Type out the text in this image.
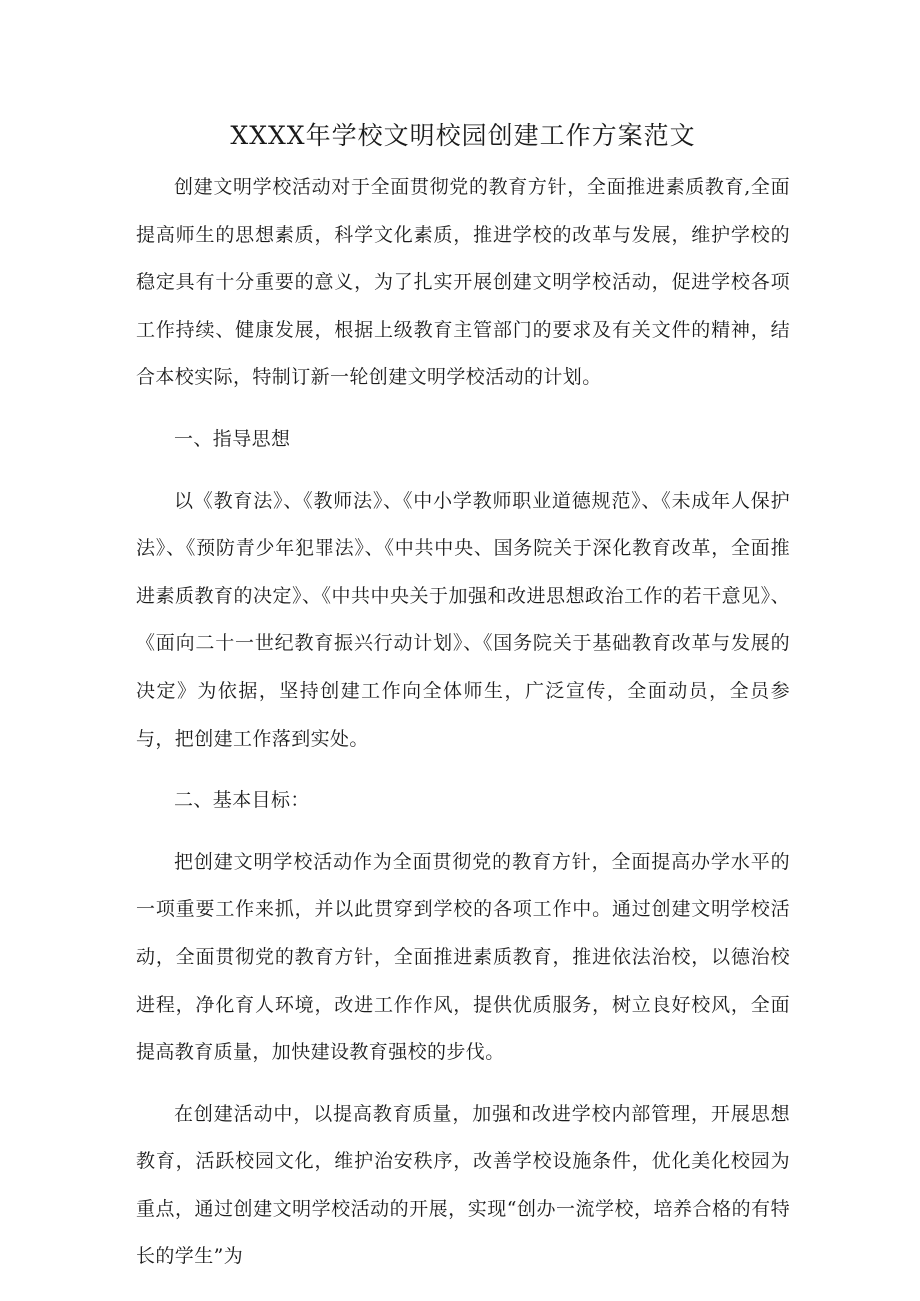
XXXX年学校文明校园创建工作方案范文

创建文明学校活动对于全面贯彻党的教育方针，全面推进素质教育,全面提高师生的思想素质，科学文化素质，推进学校的改革与发展，维护学校的稳定具有十分重要的意义，为了扎实开展创建文明学校活动，促进学校各项工作持续、健康发展，根据上级教育主管部门的要求及有关文件的精神，结合本校实际，特制订新一轮创建文明学校活动的计划。

一、指导思想

以《教育法》、《教师法》、《中小学教师职业道德规范》、《未成年人保护法》、《预防青少年犯罪法》、《中共中央、国务院关于深化教育改革，全面推进素质教育的决定》、《中共中央关于加强和改进思想政治工作的若干意见》、《面向二十一世纪教育振兴行动计划》、《国务院关于基础教育改革与发展的决定》为依据，坚持创建工作向全体师生，广泛宣传，全面动员，全员参与，把创建工作落到实处。

二、基本目标：

把创建文明学校活动作为全面贯彻党的教育方针，全面提高办学水平的一项重要工作来抓，并以此贯穿到学校的各项工作中。通过创建文明学校活动，全面贯彻党的教育方针，全面推进素质教育，推进依法治校，以德治校进程，净化育人环境，改进工作作风，提供优质服务，树立良好校风，全面提高教育质量，加快建设教育强校的步伐。

在创建活动中，以提高教育质量，加强和改进学校内部管理，开展思想教育，活跃校园文化，维护治安秩序，改善学校设施条件，优化美化校园为重点，通过创建文明学校活动的开展，实现“创办一流学校，培养合格的有特长的学生”为
